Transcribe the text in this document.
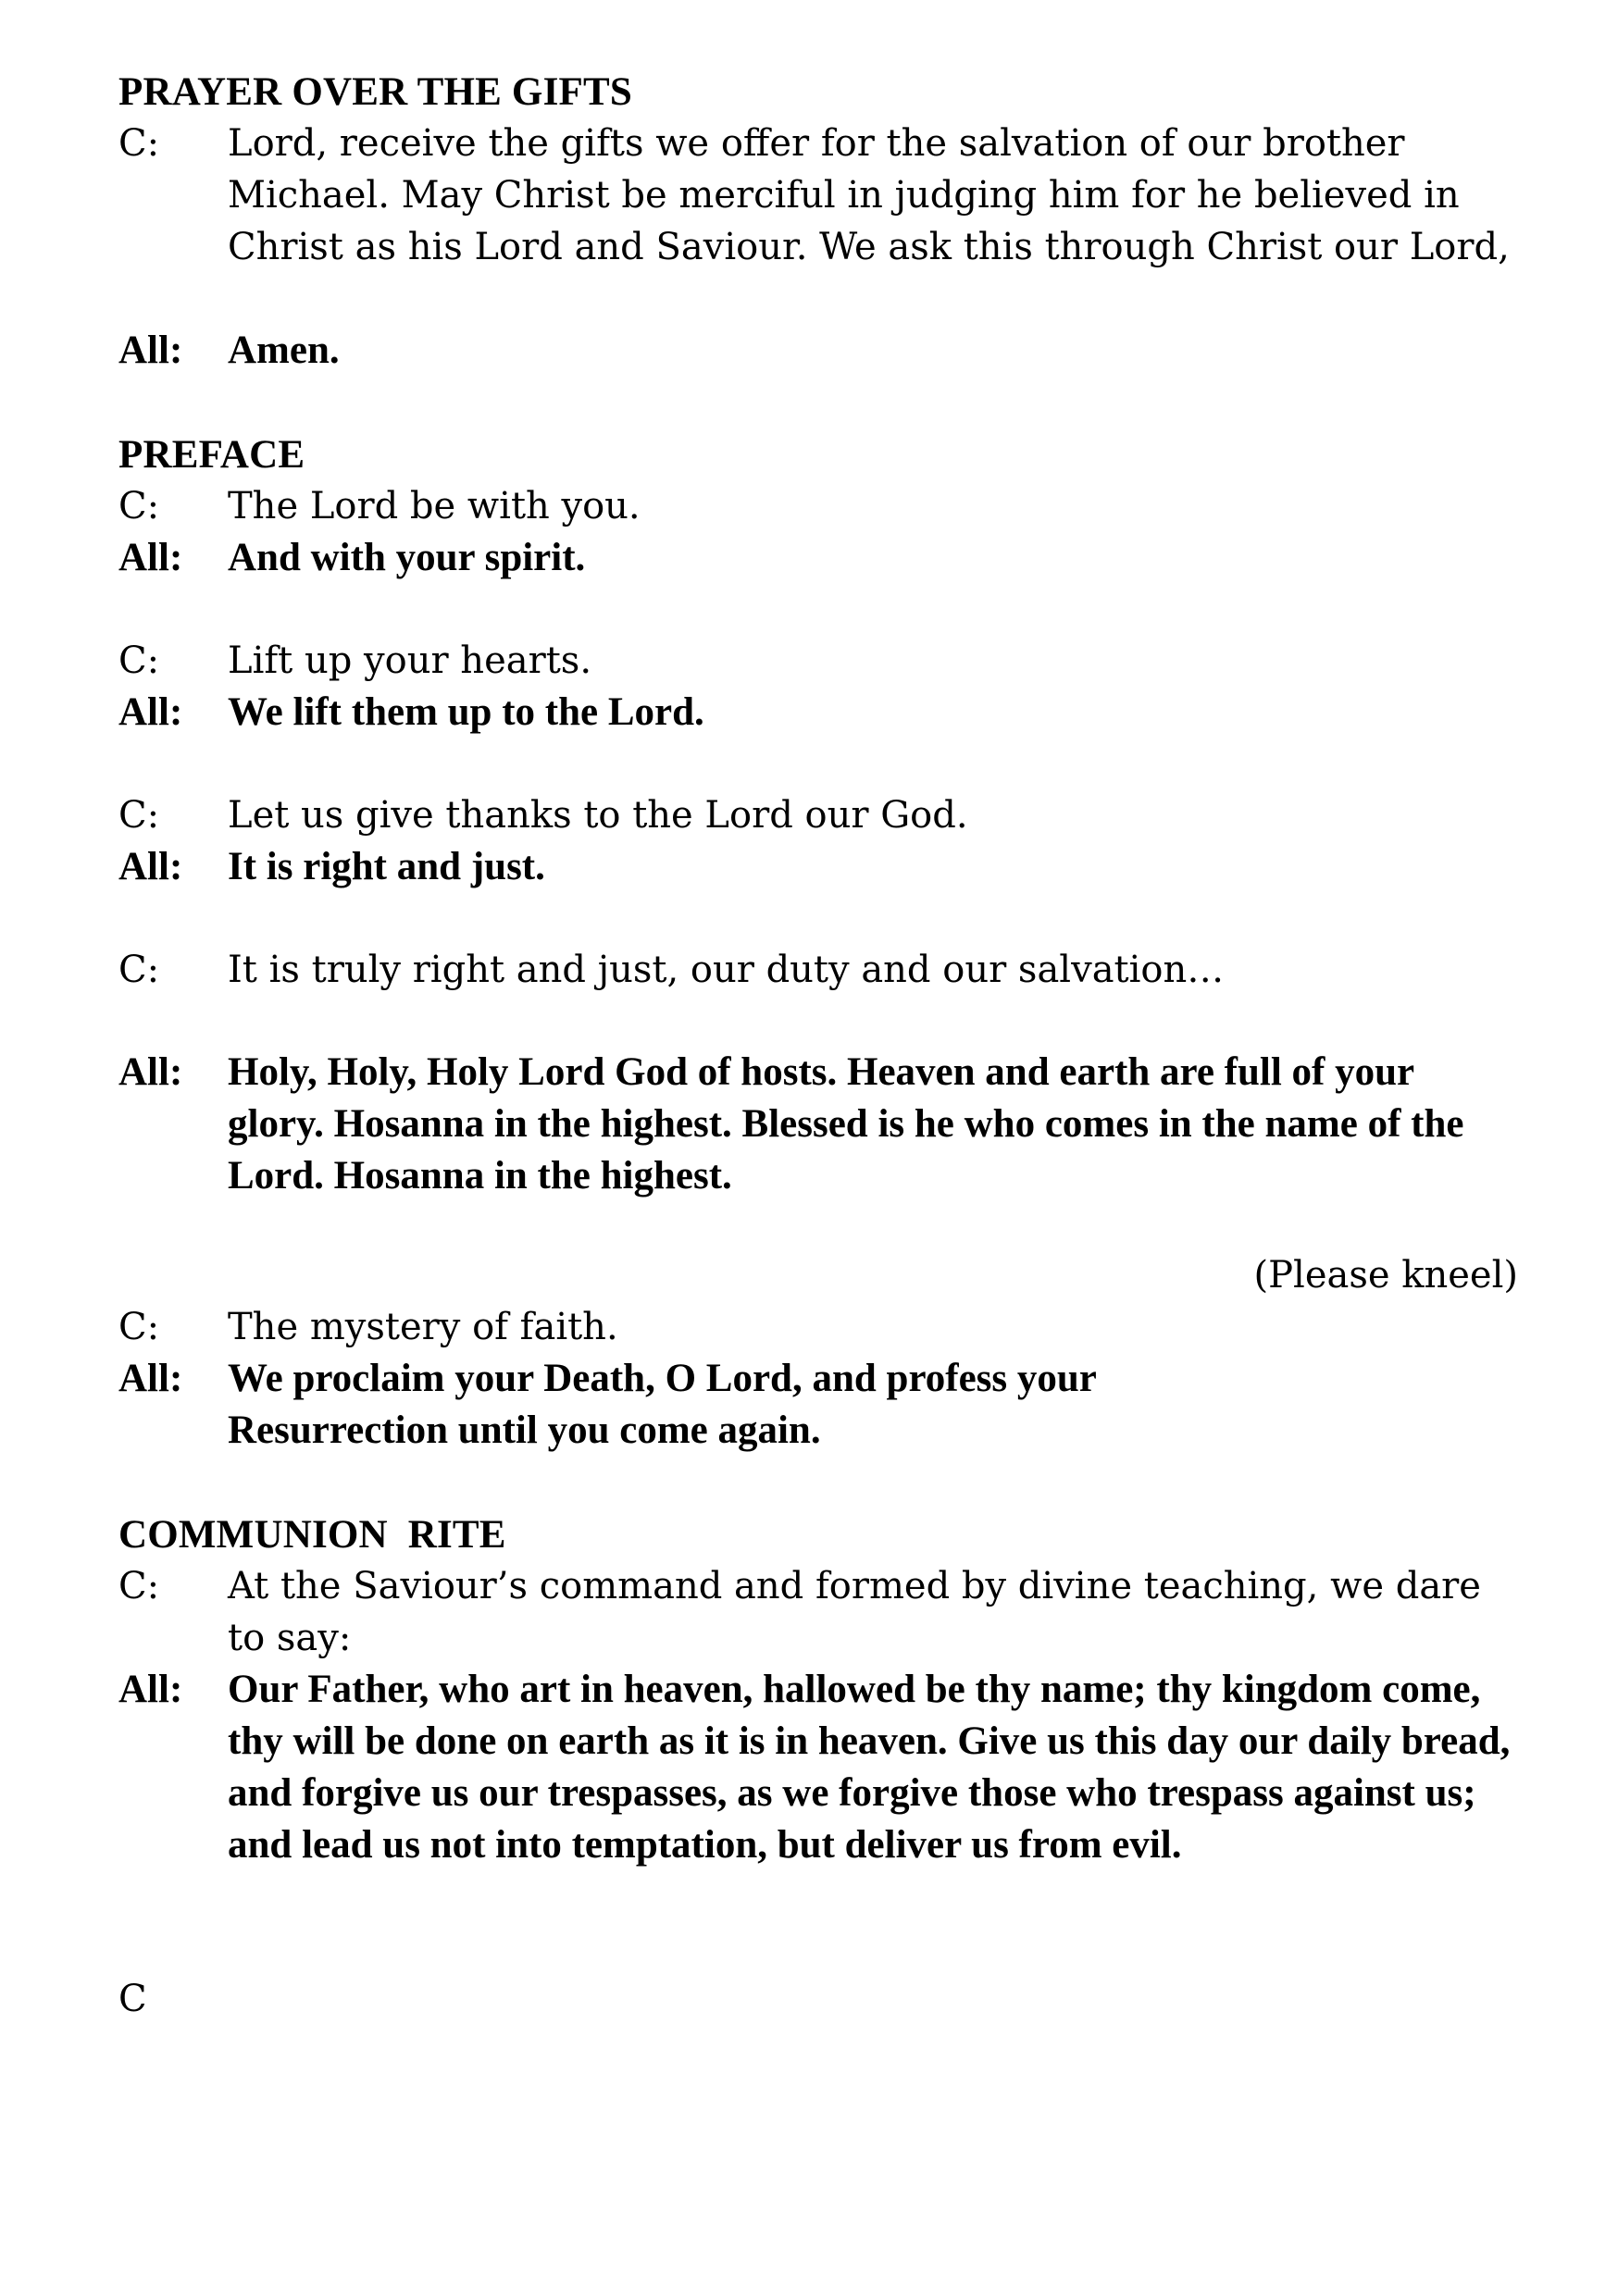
PRAYER OVER THE GIFTS
C:	Lord, receive the gifts we offer for the salvation of our brother Michael. May Christ be merciful in judging him for he believed in Christ as his Lord and Saviour. We ask this through Christ our Lord,
All:	Amen.
PREFACE
C:	The Lord be with you.
All:	And with your spirit.
C:	Lift up your hearts.
All:	We lift them up to the Lord.
C:	Let us give thanks to the Lord our God.
All:	It is right and just.
C:	It is truly right and just, our duty and our salvation…
All:	Holy, Holy, Holy Lord God of hosts. Heaven and earth are full of your glory. Hosanna in the highest. Blessed is he who comes in the name of the Lord. Hosanna in the highest.
(Please kneel)
C:	The mystery of faith.
All:	We proclaim your Death, O Lord, and profess your Resurrection until you come again.
COMMUNION  RITE
C:	At the Saviour’s command and formed by divine teaching, we dare to say:
All:	Our Father, who art in heaven, hallowed be thy name; thy kingdom come, thy will be done on earth as it is in heaven. Give us this day our daily bread, and forgive us our trespasses, as we forgive those who trespass against us; and lead us not into temptation, but deliver us from evil.
C
